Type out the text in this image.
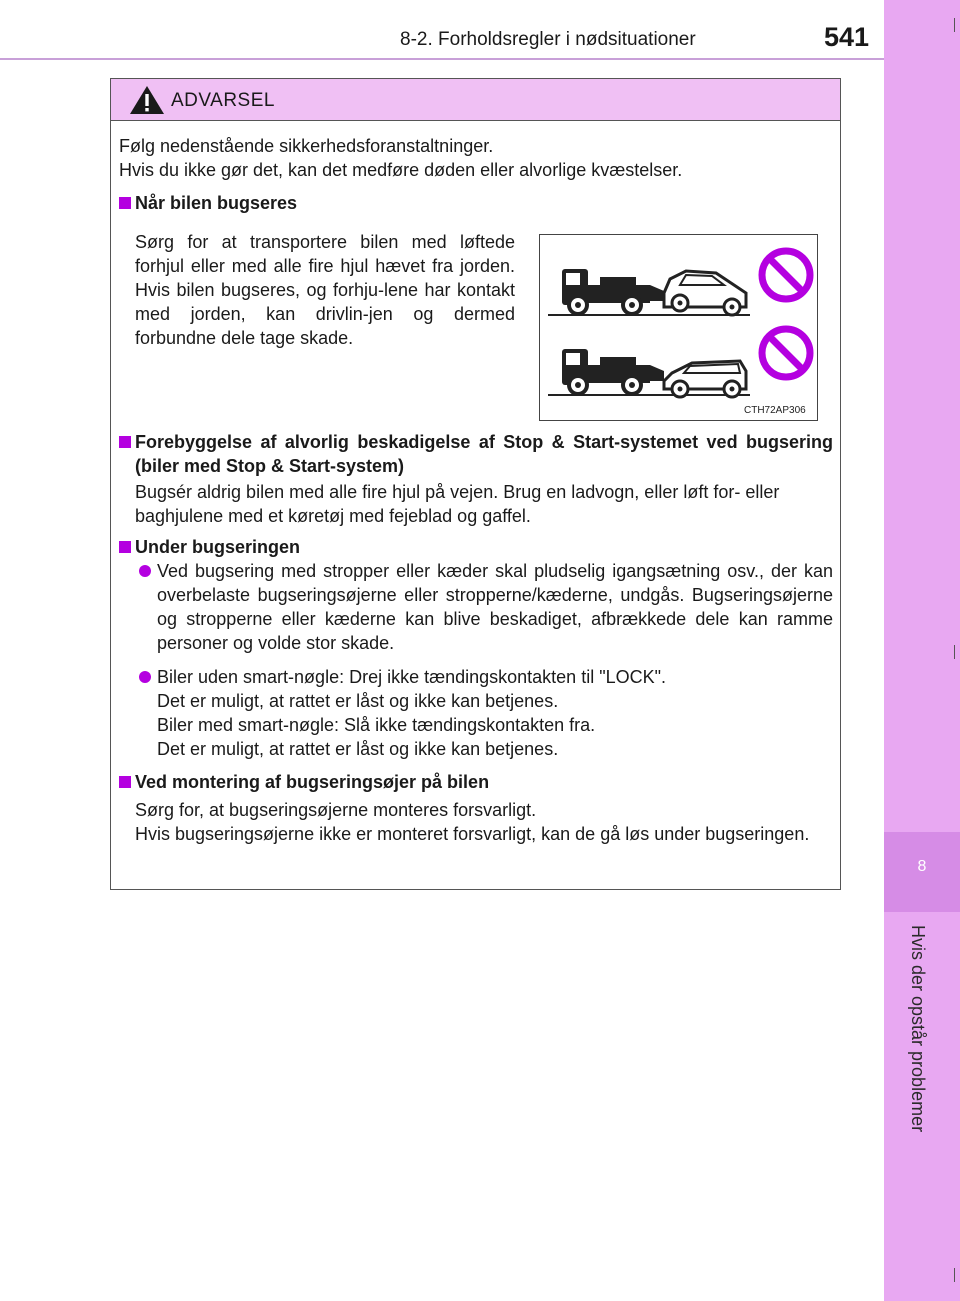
8-2. Forholdsregler i nødsituationer	541
8
Hvis der opstår problemer
ADVARSEL
Følg nedenstående sikkerhedsforanstaltninger.
Hvis du ikke gør det, kan det medføre døden eller alvorlige kvæstelser.
Når bilen bugseres
Sørg for at transportere bilen med løftede forhjul eller med alle fire hjul hævet fra jorden. Hvis bilen bugseres, og forhju-lene har kontakt med jorden, kan drivlin-jen og dermed forbundne dele tage skade.
CTH72AP306
Forebyggelse af alvorlig beskadigelse af Stop & Start-systemet ved bugsering (biler med Stop & Start-system)
Bugsér aldrig bilen med alle fire hjul på vejen. Brug en ladvogn, eller løft for- eller baghjulene med et køretøj med fejeblad og gaffel.
Under bugseringen
Ved bugsering med stropper eller kæder skal pludselig igangsætning osv., der kan overbelaste bugseringsøjerne eller stropperne/kæderne, undgås. Bugseringsøjerne og stropperne eller kæderne kan blive beskadiget, afbrækkede dele kan ramme personer og volde stor skade.
Biler uden smart-nøgle: Drej ikke tændingskontakten til "LOCK".
Det er muligt, at rattet er låst og ikke kan betjenes.
Biler med smart-nøgle: Slå ikke tændingskontakten fra.
Det er muligt, at rattet er låst og ikke kan betjenes.
Ved montering af bugseringsøjer på bilen
Sørg for, at bugseringsøjerne monteres forsvarligt.
Hvis bugseringsøjerne ikke er monteret forsvarligt, kan de gå løs under bugseringen.
